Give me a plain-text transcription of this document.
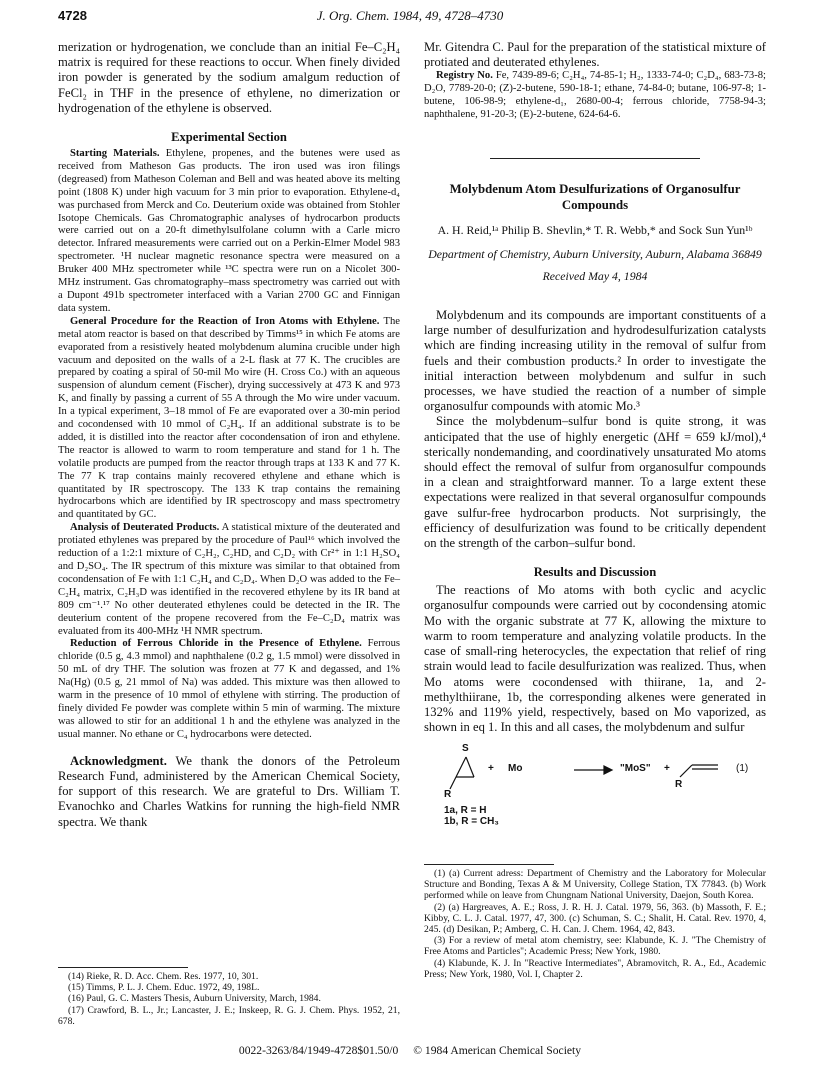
4728	J. Org. Chem. 1984, 49, 4728–4730

merization or hydrogenation, we conclude than an initial Fe–C₂H₄ matrix is required for these reactions to occur. When finely divided iron powder is generated by the sodium amalgum reduction of FeCl₂ in THF in the presence of ethylene, no dimerization or hydrogenation of the ethylene is observed.

Experimental Section

Starting Materials. Ethylene, propenes, and the butenes were used as received from Matheson Gas products. The iron used was iron filings (degreased) from Matheson Coleman and Bell and was heated above its melting point (1808 K) under high vacuum for 3 min prior to evaporation. Ethylene-d₄ was purchased from Merck and Co. Deuterium oxide was obtained from Stohler Isotope Chemicals. Gas Chromatographic analyses of hydrocarbon products were carried out on a 20-ft dimethylsulfolane column with a Carle micro detector. Infrared measurements were carried out on a Perkin-Elmer Model 983 spectrometer. ¹H nuclear magnetic resonance spectra were measured on a Bruker 400 MHz spectrometer while ¹³C spectra were run on a Nicolet 300-MHz instrument. Gas chromatography–mass spectrometry was carried out with a Dupont 491b spectrometer interfaced with a Varian 2700 GC and Finnigan data system.

General Procedure for the Reaction of Iron Atoms with Ethylene. The metal atom reactor is based on that described by Timms¹⁵ in which Fe atoms are evaporated from a resistively heated molybdenum alumina crucible under high vacuum and deposited on the walls of a 2-L flask at 77 K. The crucibles are prepared by coating a spiral of 50-mil Mo wire (H. Cross Co.) with an aqueous suspension of alundum cement (Fischer), drying successively at 473 K and 973 K, and finally by passing a current of 55 A through the Mo wire under vacuum. In a typical experiment, 3–18 mmol of Fe are evaporated over a 30-min period and cocondensed with 10 mmol of C₂H₄. If an additional substrate is to be added, it is distilled into the reactor after cocondensation of iron and ethylene. The reactor is allowed to warm to room temperature and stand for 1 h. The volatile products are pumped from the reactor through traps at 133 K and 77 K. The 77 K trap contains mainly recovered ethylene and ethane which is quantitated by IR spectroscopy. The 133 K trap contains the remaining hydrocarbons which are identified by IR spectroscopy and mass spectrometry and quantitated by GC.

Analysis of Deuterated Products. A statistical mixture of the deuterated and protiated ethylenes was prepared by the procedure of Paul¹⁶ which involved the reduction of a 1:2:1 mixture of C₂H₂, C₂HD, and C₂D₂ with Cr²⁺ in 1:1 H₂SO₄ and D₂SO₄. The IR spectrum of this mixture was similar to that obtained from cocondensation of Fe with 1:1 C₂H₄ and C₂D₄. When D₂O was added to the Fe–C₂H₄ matrix, C₂H₃D was identified in the recovered ethylene by its IR band at 809 cm⁻¹.¹⁷ No other deuterated ethylenes could be detected in the IR. The deuterium content of the propene recovered from the Fe–C₂D₄ matrix was evaluated from its 400-MHz ¹H NMR spectrum.

Reduction of Ferrous Chloride in the Presence of Ethylene. Ferrous chloride (0.5 g, 4.3 mmol) and naphthalene (0.2 g, 1.5 mmol) were dissolved in 50 mL of dry THF. The solution was frozen at 77 K and degassed, and 1% Na(Hg) (0.5 g, 21 mmol of Na) was added. This mixture was then allowed to warm in the presence of 10 mmol of ethylene with stirring. The production of finely divided Fe powder was complete within 5 min of warming. The mixture was allowed to stir for an additional 1 h and the ethylene was analyzed in the usual manner. No ethane or C₄ hydrocarbons were detected.

Acknowledgment. We thank the donors of the Petroleum Research Fund, administered by the American Chemical Society, for support of this research. We are grateful to Drs. William T. Evanochko and Charles Watkins for running the high-field NMR spectra. We thank

(14) Rieke, R. D. Acc. Chem. Res. 1977, 10, 301.

(15) Timms, P. L. J. Chem. Educ. 1972, 49, 198L.

(16) Paul, G. C. Masters Thesis, Auburn University, March, 1984.

(17) Crawford, B. L., Jr.; Lancaster, J. E.; Inskeep, R. G. J. Chem. Phys. 1952, 21, 678.

Mr. Gitendra C. Paul for the preparation of the statistical mixture of protiated and deuterated ethylenes.

Registry No. Fe, 7439-89-6; C₂H₄, 74-85-1; H₂, 1333-74-0; C₂D₄, 683-73-8; D₂O, 7789-20-0; (Z)-2-butene, 590-18-1; ethane, 74-84-0; butane, 106-97-8; 1-butene, 106-98-9; ethylene-d₁, 2680-00-4; ferrous chloride, 7758-94-3; naphthalene, 91-20-3; (E)-2-butene, 624-64-6.

Molybdenum Atom Desulfurizations of Organosulfur Compounds
A. H. Reid,¹ᵃ Philip B. Shevlin,* T. R. Webb,* and Sock Sun Yun¹ᵇ
Department of Chemistry, Auburn University, Auburn, Alabama 36849
Received May 4, 1984

Molybdenum and its compounds are important constituents of a large number of desulfurization and hydrodesulfurization catalysts which are finding increasing utility in the removal of sulfur from fuels and their combustion products.² In order to investigate the initial interaction between molybdenum and sulfur in such processes, we have studied the reaction of a number of simple organosulfur compounds with atomic Mo.³

Since the molybdenum–sulfur bond is quite strong, it was anticipated that the use of highly energetic (ΔHf = 659 kJ/mol),⁴ sterically nondemanding, and coordinatively unsaturated Mo atoms should effect the removal of sulfur from organosulfur compounds in a clean and straightforward manner. To a large extent these expectations were realized in that several organosulfur compounds gave sulfur-free hydrocarbon products. Not surprisingly, the efficiency of desulfurization was found to be critically dependent on the strength of the carbon–sulfur bond.

Results and Discussion

The reactions of Mo atoms with both cyclic and acyclic organosulfur compounds were carried out by cocondensing atomic Mo with the organic substrate at 77 K, allowing the mixture to warm to room temperature and analyzing volatile products. In the case of small-ring heterocycles, the expectation that relief of ring strain would lead to facile desulfurization was realized. Thus, when Mo atoms were cocondensed with thiirane, 1a, and 2-methylthiirane, 1b, the corresponding alkenes were generated in 132% and 119% yield, respectively, based on Mo vaporized, as shown in eq 1. In this and all cases, the molybdenum and sulfur

S
+ Mo	"MoS" +
R
R
(1)
1a, R = H
1b, R = CH₃

(1) (a) Current adress: Department of Chemistry and the Laboratory for Molecular Structure and Bonding, Texas A & M University, College Station, TX 77843. (b) Work performed while on leave from Chungnam National University, Daejon, South Korea.

(2) (a) Hargreaves, A. E.; Ross, J. R. H. J. Catal. 1979, 56, 363. (b) Massoth, F. E.; Kibby, C. L. J. Catal. 1977, 47, 300. (c) Schuman, S. C.; Shalit, H. Catal. Rev. 1970, 4, 245. (d) Desikan, P.; Amberg, C. H. Can. J. Chem. 1964, 42, 843.

(3) For a review of metal atom chemistry, see: Klabunde, K. J. "The Chemistry of Free Atoms and Particles"; Academic Press; New York, 1980.

(4) Klabunde, K. J. In "Reactive Intermediates", Abramovitch, R. A., Ed., Academic Press; New York, 1980, Vol. I, Chapter 2.

0022-3263/84/1949-4728$01.50/0 © 1984 American Chemical Society
